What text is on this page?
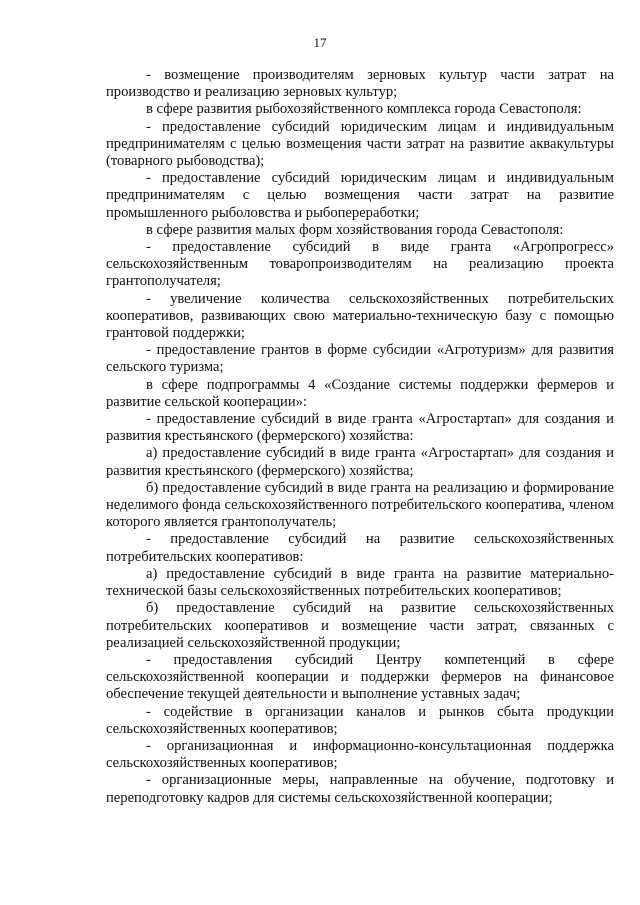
17

- возмещение производителям зерновых культур части затрат на производство и реализацию зерновых культур;

в сфере развития рыбохозяйственного комплекса города Севастополя:

- предоставление субсидий юридическим лицам и индивидуальным предпринимателям с целью возмещения части затрат на развитие аквакультуры (товарного рыбоводства);

- предоставление субсидий юридическим лицам и индивидуальным предпринимателям с целью возмещения части затрат на развитие промышленного рыболовства и рыбопереработки;

в сфере развития малых форм хозяйствования города Севастополя:

- предоставление субсидий в виде гранта «Агропрогресс» сельскохозяйственным товаропроизводителям на реализацию проекта грантополучателя;

- увеличение количества сельскохозяйственных потребительских кооперативов, развивающих свою материально-техническую базу с помощью грантовой поддержки;

- предоставление грантов в форме субсидии «Агротуризм» для развития сельского туризма;

в сфере подпрограммы 4 «Создание системы поддержки фермеров и развитие сельской кооперации»:

- предоставление субсидий в виде гранта «Агростартап» для создания и развития крестьянского (фермерского) хозяйства:

а) предоставление субсидий в виде гранта «Агростартап» для создания и развития крестьянского (фермерского) хозяйства;

б) предоставление субсидий в виде гранта на реализацию и формирование неделимого фонда сельскохозяйственного потребительского кооператива, членом которого является грантополучатель;

- предоставление субсидий на развитие сельскохозяйственных потребительских кооперативов:

а) предоставление субсидий в виде гранта на развитие материально-технической базы сельскохозяйственных потребительских кооперативов;

б) предоставление субсидий на развитие сельскохозяйственных потребительских кооперативов и возмещение части затрат, связанных с реализацией сельскохозяйственной продукции;

- предоставления субсидий Центру компетенций в сфере сельскохозяйственной кооперации и поддержки фермеров на финансовое обеспечение текущей деятельности и выполнение уставных задач;

- содействие в организации каналов и рынков сбыта продукции сельскохозяйственных кооперативов;

- организационная и информационно-консультационная поддержка сельскохозяйственных кооперативов;

- организационные меры, направленные на обучение, подготовку и переподготовку кадров для системы сельскохозяйственной кооперации;
